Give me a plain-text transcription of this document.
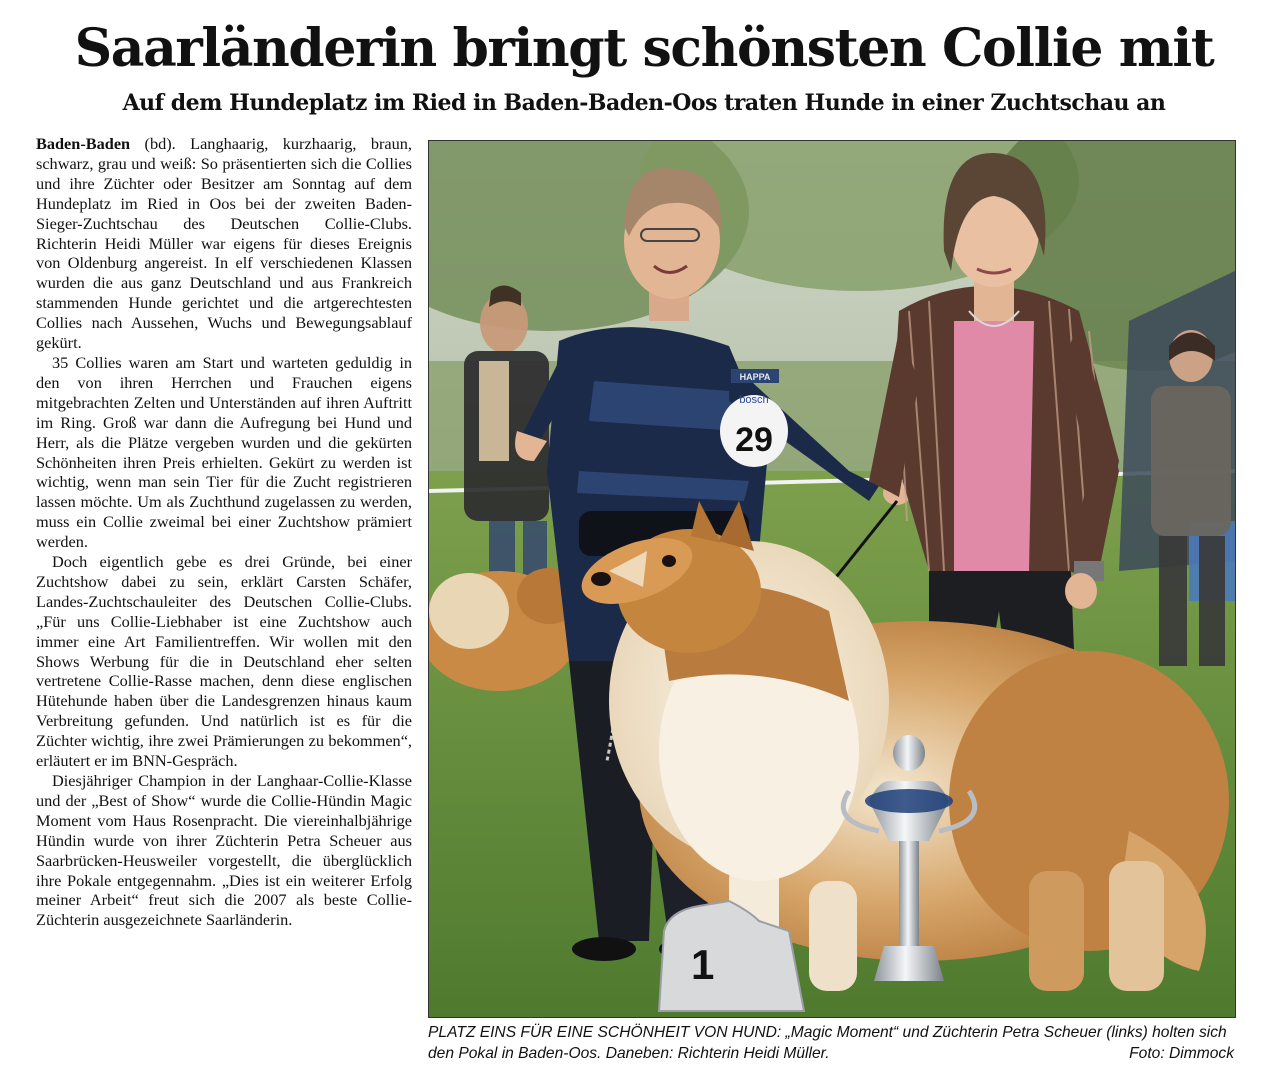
Saarländerin bringt schönsten Collie mit
Auf dem Hundeplatz im Ried in Baden-Baden-Oos traten Hunde in einer Zuchtschau an

Baden-Baden (bd). Langhaarig, kurzhaarig, braun, schwarz, grau und weiß: So präsentierten sich die Collies und ihre Züchter oder Besitzer am Sonntag auf dem Hundeplatz im Ried in Oos bei der zweiten Baden-Sieger-Zuchtschau des Deutschen Collie-Clubs. Richterin Heidi Müller war eigens für dieses Ereignis von Oldenburg angereist. In elf verschiedenen Klassen wurden die aus ganz Deutschland und aus Frankreich stammenden Hunde gerichtet und die artgerechtesten Collies nach Aussehen, Wuchs und Bewegungsablauf gekürt.

35 Collies waren am Start und warteten geduldig in den von ihren Herrchen und Frauchen eigens mitgebrachten Zelten und Unterständen auf ihren Auftritt im Ring. Groß war dann die Aufregung bei Hund und Herr, als die Plätze vergeben wurden und die gekürten Schönheiten ihren Preis erhielten. Gekürt zu werden ist wichtig, wenn man sein Tier für die Zucht registrieren lassen möchte. Um als Zuchthund zugelassen zu werden, muss ein Collie zweimal bei einer Zuchtshow prämiert werden.

Doch eigentlich gebe es drei Gründe, bei einer Zuchtshow dabei zu sein, erklärt Carsten Schäfer, Landes-Zuchtschauleiter des Deutschen Collie-Clubs. „Für uns Collie-Liebhaber ist eine Zuchtshow auch immer eine Art Familientreffen. Wir wollen mit den Shows Werbung für die in Deutschland eher selten vertretene Collie-Rasse machen, denn diese englischen Hütehunde haben über die Landesgrenzen hinaus kaum Verbreitung gefunden. Und natürlich ist es für die Züchter wichtig, ihre zwei Prämierungen zu bekommen“, erläutert er im BNN-Gespräch.

Diesjähriger Champion in der Langhaar-Collie-Klasse und der „Best of Show“ wurde die Collie-Hündin Magic Moment vom Haus Rosenpracht. Die viereinhalbjährige Hündin wurde von ihrer Züchterin Petra Scheuer aus Saarbrücken-Heusweiler vorgestellt, die überglücklich ihre Pokale entgegennahm. „Dies ist ein weiterer Erfolg meiner Arbeit“ freut sich die 2007 als beste Collie-Züchterin ausgezeichnete Saarländerin.

bosch
29
HAPPA
1
PLATZ EINS FÜR EINE SCHÖNHEIT VON HUND: „Magic Moment“ und Züchterin Petra Scheuer (links) holten sich den Pokal in Baden-Oos. Daneben: Richterin Heidi Müller.	Foto: Dimmock
